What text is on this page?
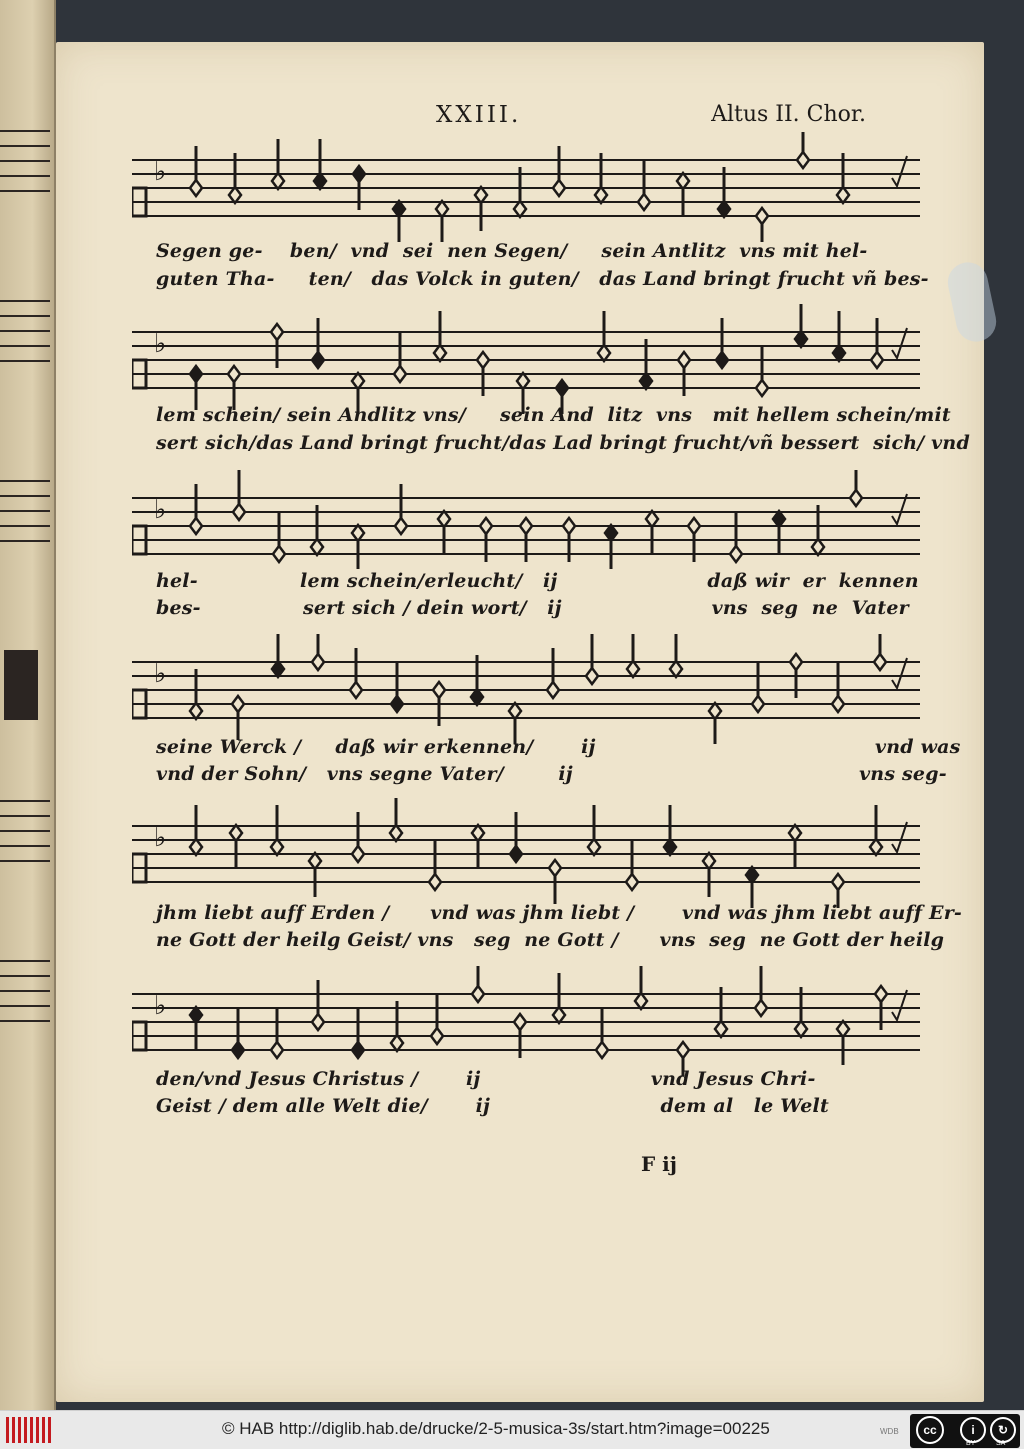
XXIII.	Altus II. Chor.
♭
Segen ge-    ben/  vnd  sei  nen Segen/     sein Antlitz  vns mit hel-
guten Tha-     ten/   das Volck in guten/   das Land bringt frucht vñ bes-
♭
lem schein/ sein Andlitz vns/     sein And  litz  vns   mit hellem schein/mit
sert sich/das Land bringt frucht/das Lad bringt frucht/vñ bessert  sich/ vnd
♭
hel-               lem schein/erleucht/   ij                      daß wir  er  kennen
bes-               sert sich / dein wort/   ij                      vns  seg  ne  Vater
♭
seine Werck /     daß wir erkennen/       ij                                         vnd was
vnd der Sohn/   vns segne Vater/        ij                                          vns seg-
♭
jhm liebt auff Erden /      vnd was jhm liebt /       vnd was jhm liebt auff Er-
ne Gott der heilg Geist/ vns   seg  ne Gott /      vns  seg  ne Gott der heilg
♭
den/vnd Jesus Christus /       ij                         vnd Jesus Chri-
Geist / dem alle Welt die/       ij                         dem al   le Welt
F ij
© HAB http://diglib.hab.de/drucke/2-5-musica-3s/start.htm?image=00225	WDB	cc	i	↻
BY	SA
